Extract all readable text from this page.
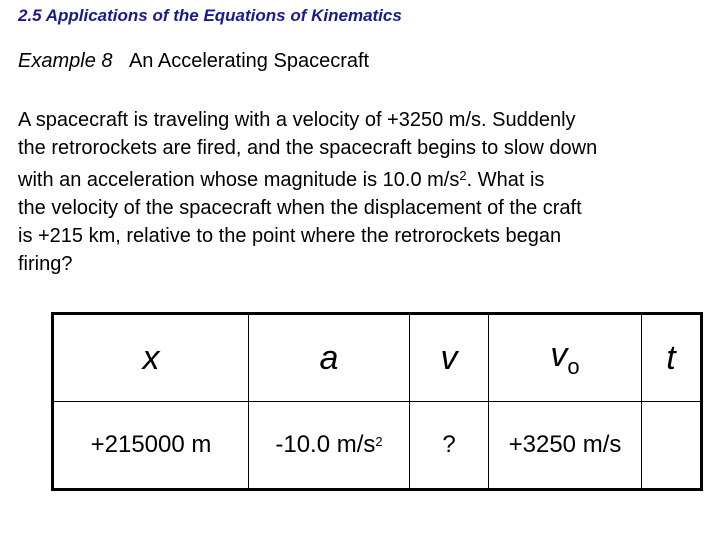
2.5 Applications of the Equations of Kinematics
Example 8 An Accelerating Spacecraft

A spacecraft is traveling with a velocity of +3250 m/s. Suddenly

the retrorockets are fired, and the spacecraft begins to slow down

with an acceleration whose magnitude is 10.0 $m/s^2$. What is

the velocity of the spacecraft when the displacement of the craft

is +215 km, relative to the point where the retrorockets began

firing?

x	a	v	$v_o$	t
+215000 m	-10.0 $m/s^2$	?	+3250 m/s	
